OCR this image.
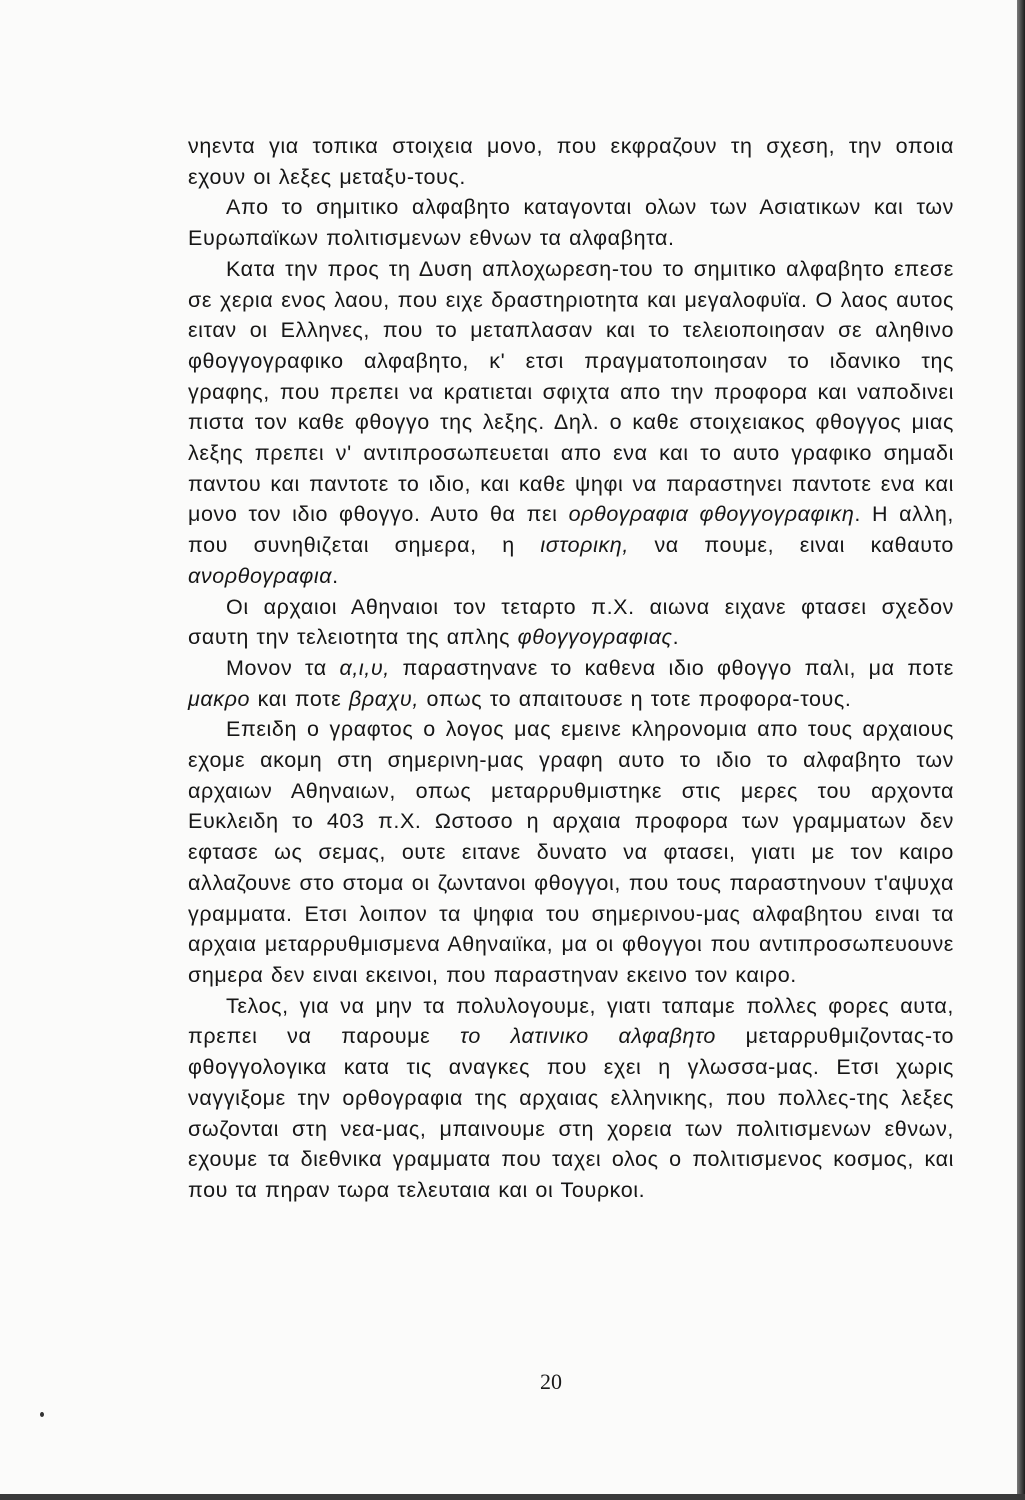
νηεντα για τοπικα στοιχεια μονο, που εκφραζουν τη σχεση, την οποια εχουν οι λεξες μεταξυ-τους.

Απο το σημιτικο αλφαβητο καταγονται ολων των Ασιατικων και των Ευρωπαϊκων πολιτισμενων εθνων τα αλφαβητα.

Κατα την προς τη Δυση απλοχωρεση-του το σημιτικο αλφαβητο επεσε σε χερια ενος λαου, που ειχε δραστηριοτητα και μεγαλοφυϊα. Ο λαος αυτος ειταν οι Ελληνες, που το μεταπλασαν και το τελειοποιησαν σε αληθινο φθογγογραφικο αλφαβητο, κ' ετσι πραγματοποιησαν το ιδανικο της γραφης, που πρεπει να κρατιεται σφιχτα απο την προφορα και ναποδινει πιστα τον καθε φθογγο της λεξης. Δηλ. ο καθε στοιχειακος φθογγος μιας λεξης πρεπει ν' αντιπροσωπευεται απο ενα και το αυτο γραφικο σημαδι παντου και παντοτε το ιδιο, και καθε ψηφι να παραστηνει παντοτε ενα και μονο τον ιδιο φθογγο. Αυτο θα πει ορθογραφια φθογγογραφικη. Η αλλη, που συνηθιζεται σημερα, η ιστορικη, να πουμε, ειναι καθαυτο ανορθογραφια.

Οι αρχαιοι Αθηναιοι τον τεταρτο π.Χ. αιωνα ειχανε φτασει σχεδον σαυτη την τελειοτητα της απλης φθογγογραφιας.

Μονον τα α,ι,υ, παραστηνανε το καθενα ιδιο φθογγο παλι, μα ποτε μακρο και ποτε βραχυ, οπως το απαιτουσε η τοτε προφορα-τους.

Επειδη ο γραφτος ο λογος μας εμεινε κληρονομια απο τους αρχαιους εχομε ακομη στη σημερινη-μας γραφη αυτο το ιδιο το αλφαβητο των αρχαιων Αθηναιων, οπως μεταρρυθμιστηκε στις μερες του αρχοντα Ευκλειδη το 403 π.Χ. Ωστοσο η αρχαια προφορα των γραμματων δεν εφτασε ως σεμας, ουτε ειτανε δυνατο να φτασει, γιατι με τον καιρο αλλαζουνε στο στομα οι ζωντανοι φθογγοι, που τους παραστηνουν τ'αψυχα γραμματα. Ετσι λοιπον τα ψηφια του σημερινου-μας αλφαβητου ειναι τα αρχαια μεταρρυθμισμενα Αθηναιϊκα, μα οι φθογγοι που αντιπροσωπευουνε σημερα δεν ειναι εκεινοι, που παραστηναν εκεινο τον καιρο.

Τελος, για να μην τα πολυλογουμε, γιατι ταπαμε πολλες φορες αυτα, πρεπει να παρουμε το λατινικο αλφαβητο μεταρρυθμιζοντας-το φθογγολογικα κατα τις αναγκες που εχει η γλωσσα-μας. Ετσι χωρις ναγγιξομε την ορθογραφια της αρχαιας ελληνικης, που πολλες-της λεξες σωζονται στη νεα-μας, μπαινουμε στη χορεια των πολιτισμενων εθνων, εχουμε τα διεθνικα γραμματα που ταχει ολος ο πολιτισμενος κοσμος, και που τα πηραν τωρα τελευταια και οι Τουρκοι.

20
